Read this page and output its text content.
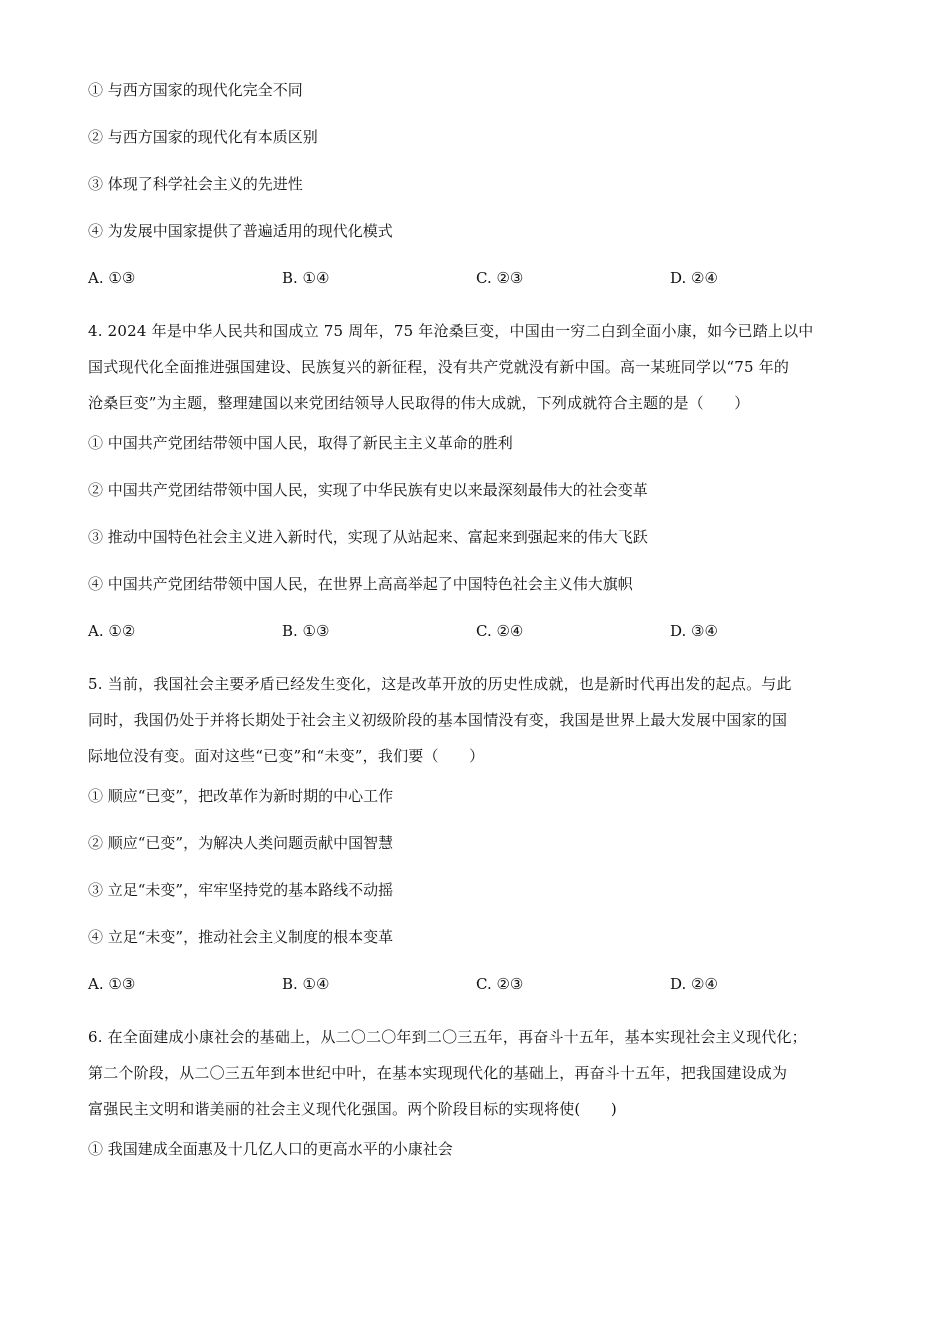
① 与西方国家的现代化完全不同
② 与西方国家的现代化有本质区别
③ 体现了科学社会主义的先进性
④ 为发展中国家提供了普遍适用的现代化模式
A. ①③	B. ①④	C. ②③	D. ②④
4. 2024 年是中华人民共和国成立 75 周年，75 年沧桑巨变，中国由一穷二白到全面小康，如今已踏上以中
国式现代化全面推进强国建设、民族复兴的新征程，没有共产党就没有新中国。高一某班同学以“75 年的
沧桑巨变”为主题，整理建国以来党团结领导人民取得的伟大成就，下列成就符合主题的是（　　）
① 中国共产党团结带领中国人民，取得了新民主主义革命的胜利
② 中国共产党团结带领中国人民，实现了中华民族有史以来最深刻最伟大的社会变革
③ 推动中国特色社会主义进入新时代，实现了从站起来、富起来到强起来的伟大飞跃
④ 中国共产党团结带领中国人民，在世界上高高举起了中国特色社会主义伟大旗帜
A. ①②	B. ①③	C. ②④	D. ③④
5. 当前，我国社会主要矛盾已经发生变化，这是改革开放的历史性成就，也是新时代再出发的起点。与此
同时，我国仍处于并将长期处于社会主义初级阶段的基本国情没有变，我国是世界上最大发展中国家的国
际地位没有变。面对这些“已变”和“未变”，我们要（　　）
① 顺应“已变”，把改革作为新时期的中心工作
② 顺应“已变”，为解决人类问题贡献中国智慧
③ 立足“未变”，牢牢坚持党的基本路线不动摇
④ 立足“未变”，推动社会主义制度的根本变革
A. ①③	B. ①④	C. ②③	D. ②④
6. 在全面建成小康社会的基础上，从二〇二〇年到二〇三五年，再奋斗十五年，基本实现社会主义现代化；
第二个阶段，从二〇三五年到本世纪中叶，在基本实现现代化的基础上，再奋斗十五年，把我国建设成为
富强民主文明和谐美丽的社会主义现代化强国。两个阶段目标的实现将使(　　)
① 我国建成全面惠及十几亿人口的更高水平的小康社会
